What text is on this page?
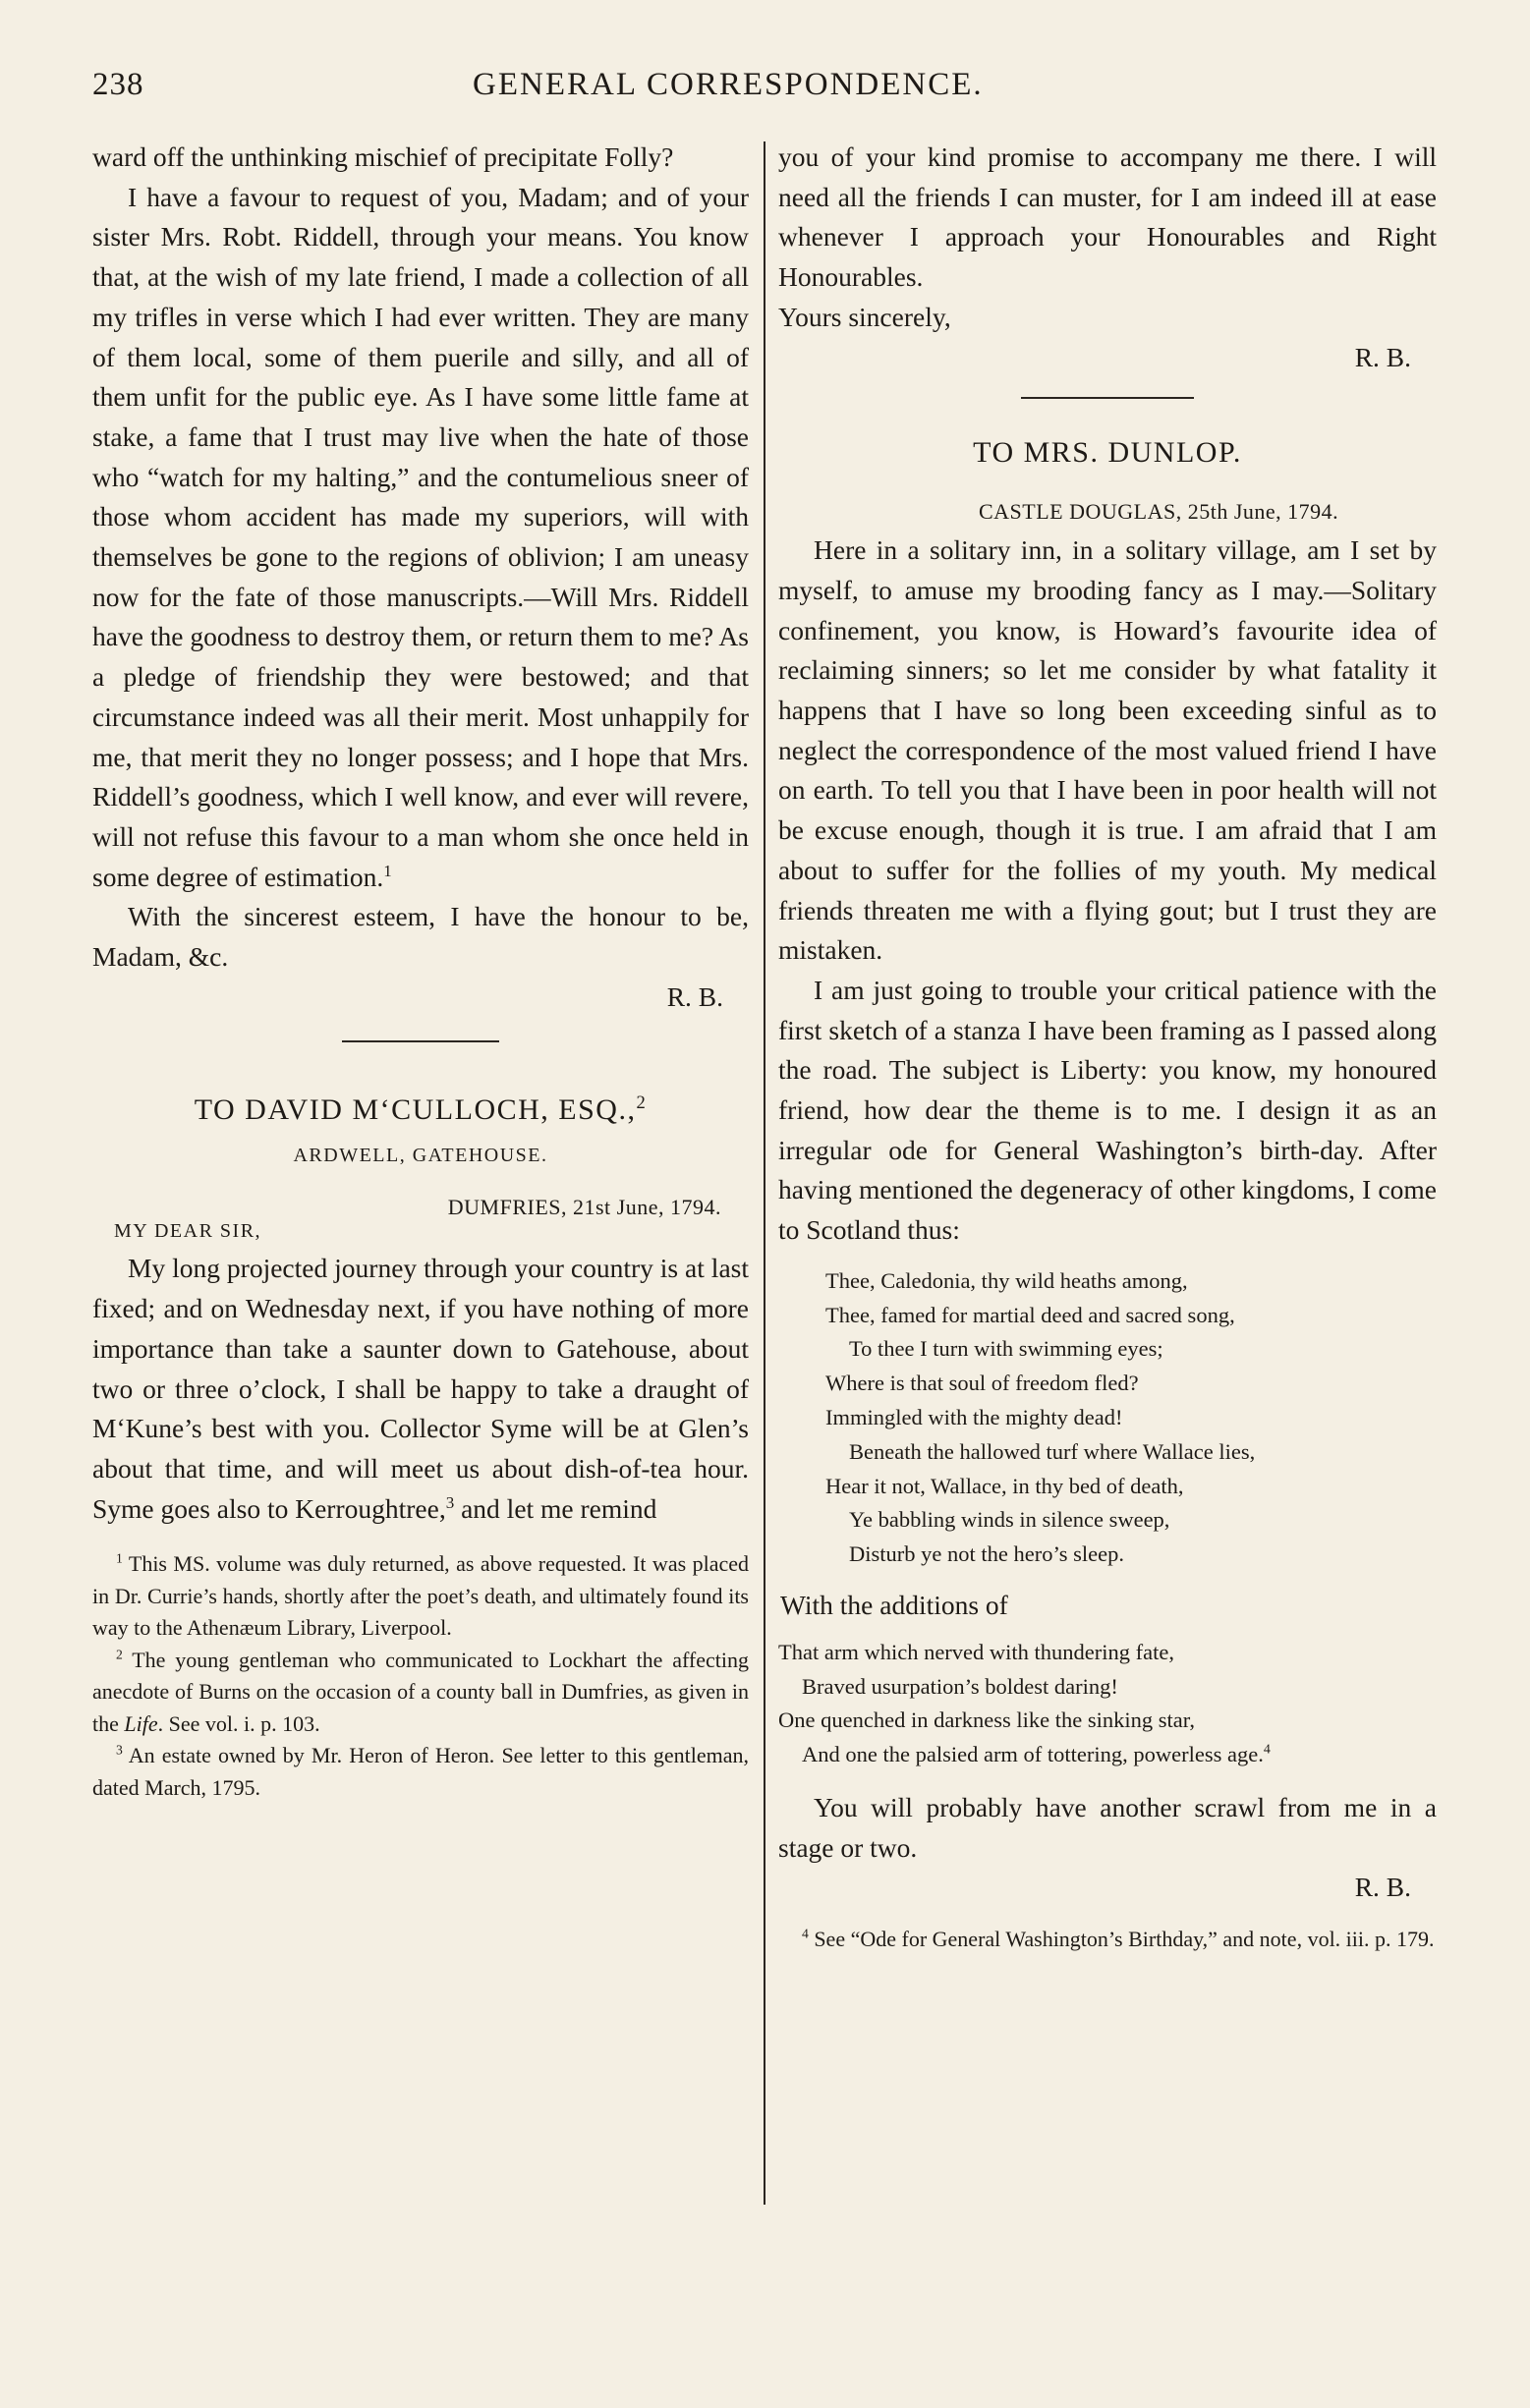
238	GENERAL CORRESPONDENCE.

ward off the unthinking mischief of precipitate Folly?

I have a favour to request of you, Madam; and of your sister Mrs. Robt. Riddell, through your means. You know that, at the wish of my late friend, I made a collection of all my trifles in verse which I had ever written. They are many of them local, some of them puerile and silly, and all of them unfit for the public eye. As I have some little fame at stake, a fame that I trust may live when the hate of those who “watch for my halting,” and the contumelious sneer of those whom accident has made my superiors, will with themselves be gone to the regions of oblivion; I am uneasy now for the fate of those manuscripts.—Will Mrs. Riddell have the goodness to destroy them, or return them to me? As a pledge of friendship they were bestowed; and that circumstance indeed was all their merit. Most unhappily for me, that merit they no longer possess; and I hope that Mrs. Riddell’s goodness, which I well know, and ever will revere, will not refuse this favour to a man whom she once held in some degree of estimation.$^1$

With the sincerest esteem, I have the honour to be, Madam, &c.

R. B.

TO DAVID M‘CULLOCH, ESQ.,$^2$

ARDWELL, GATEHOUSE.

DUMFRIES, 21st June, 1794.

MY DEAR SIR,

My long projected journey through your country is at last fixed; and on Wednesday next, if you have nothing of more importance than take a saunter down to Gatehouse, about two or three o’clock, I shall be happy to take a draught of M‘Kune’s best with you. Collector Syme will be at Glen’s about that time, and will meet us about dish-of-tea hour. Syme goes also to Kerroughtree,$^3$ and let me remind

$^1$ This MS. volume was duly returned, as above requested. It was placed in Dr. Currie’s hands, shortly after the poet’s death, and ultimately found its way to the Athenæum Library, Liverpool.

$^2$ The young gentleman who communicated to Lockhart the affecting anecdote of Burns on the occasion of a county ball in Dumfries, as given in the Life. See vol. i. p. 103.

$^3$ An estate owned by Mr. Heron of Heron. See letter to this gentleman, dated March, 1795.

you of your kind promise to accompany me there. I will need all the friends I can muster, for I am indeed ill at ease whenever I approach your Honourables and Right Honourables.

Yours sincerely,

R. B.

TO MRS. DUNLOP.

CASTLE DOUGLAS, 25th June, 1794.

Here in a solitary inn, in a solitary village, am I set by myself, to amuse my brooding fancy as I may.—Solitary confinement, you know, is Howard’s favourite idea of reclaiming sinners; so let me consider by what fatality it happens that I have so long been exceeding sinful as to neglect the correspondence of the most valued friend I have on earth. To tell you that I have been in poor health will not be excuse enough, though it is true. I am afraid that I am about to suffer for the follies of my youth. My medical friends threaten me with a flying gout; but I trust they are mistaken.

I am just going to trouble your critical patience with the first sketch of a stanza I have been framing as I passed along the road. The subject is Liberty: you know, my honoured friend, how dear the theme is to me. I design it as an irregular ode for General Washington’s birth-day. After having mentioned the degeneracy of other kingdoms, I come to Scotland thus:

Thee, Caledonia, thy wild heaths among,

Thee, famed for martial deed and sacred song,

To thee I turn with swimming eyes;

Where is that soul of freedom fled?

Immingled with the mighty dead!

Beneath the hallowed turf where Wallace lies,

Hear it not, Wallace, in thy bed of death,

Ye babbling winds in silence sweep,

Disturb ye not the hero’s sleep.

With the additions of

That arm which nerved with thundering fate,

Braved usurpation’s boldest daring!

One quenched in darkness like the sinking star,

And one the palsied arm of tottering, powerless age.$^4$

You will probably have another scrawl from me in a stage or two.

R. B.

$^4$ See “Ode for General Washington’s Birthday,” and note, vol. iii. p. 179.
